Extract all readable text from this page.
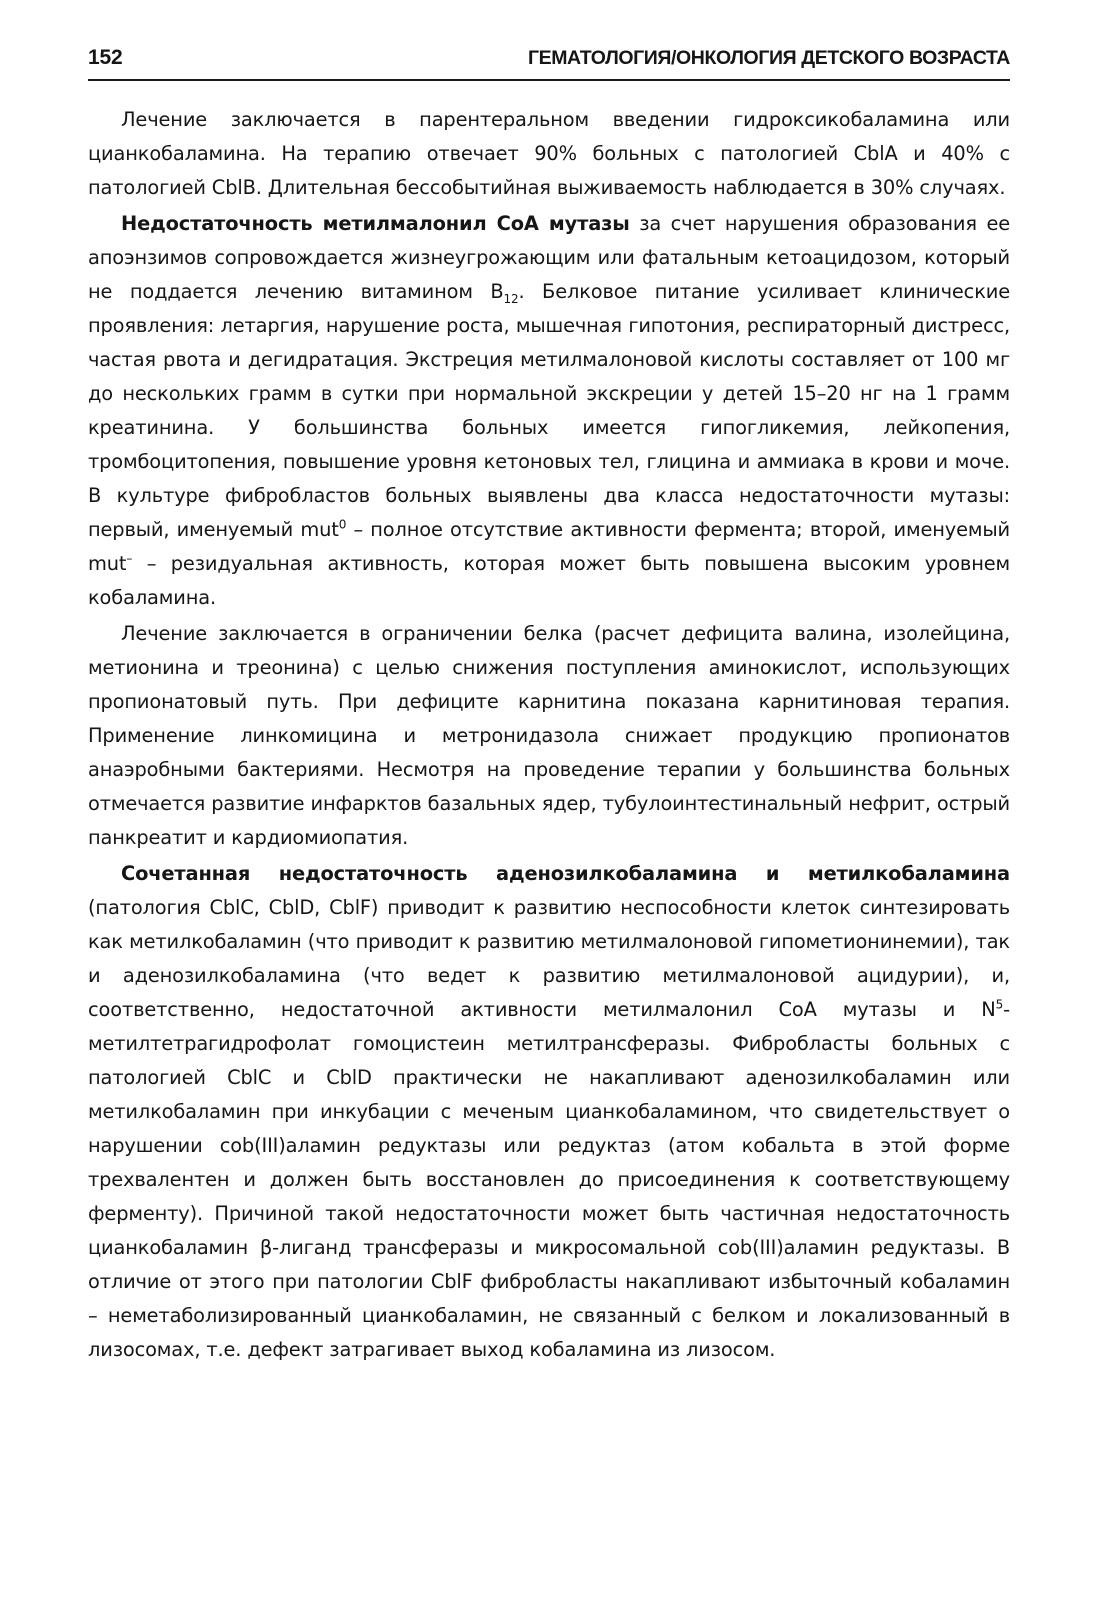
152	ГЕМАТОЛОГИЯ/ОНКОЛОГИЯ ДЕТСКОГО ВОЗРАСТА

Лечение заключается в парентеральном введении гидроксикобаламина или цианкобаламина. На терапию отвечает 90% больных с патологией CblA и 40% с патологией CblB. Длительная бессобытийная выживаемость наблюдается в 30% случаях.

Недостаточность метилмалонил CoA мутазы за счет нарушения образования ее апоэнзимов сопровождается жизнеугрожающим или фатальным кетоацидозом, который не поддается лечению витамином $B_{12}$. Белковое питание усиливает клинические проявления: летаргия, нарушение роста, мышечная гипотония, респираторный дистресс, частая рвота и дегидратация. Экстреция метилмалоновой кислоты составляет от 100 мг до нескольких грамм в сутки при нормальной экскреции у детей 15–20 нг на 1 грамм креатинина. У большинства больных имеется гипогликемия, лейкопения, тромбоцитопения, повышение уровня кетоновых тел, глицина и аммиака в крови и моче. В культуре фибробластов больных выявлены два класса недостаточности мутазы: первый, именуемый mut$^0$ – полное отсутствие активности фермента; второй, именуемый mut– – резидуальная активность, которая может быть повышена высоким уровнем кобаламина.

Лечение заключается в ограничении белка (расчет дефицита валина, изолейцина, метионина и треонина) с целью снижения поступления аминокислот, использующих пропионатовый путь. При дефиците карнитина показана карнитиновая терапия. Применение линкомицина и метронидазола снижает продукцию пропионатов анаэробными бактериями. Несмотря на проведение терапии у большинства больных отмечается развитие инфарктов базальных ядер, тубулоинтестинальный нефрит, острый панкреатит и кардиомиопатия.

Сочетанная недостаточность аденозилкобаламина и метилкобаламина (патология CblC, CblD, CblF) приводит к развитию неспособности клеток синтезировать как метилкобаламин (что приводит к развитию метилмалоновой гипометионинемии), так и аденозилкобаламина (что ведет к развитию метилмалоновой ацидурии), и, соответственно, недостаточной активности метилмалонил CoA мутазы и $N^5$-метилтетрагидрофолат гомоцистеин метилтрансферазы. Фибробласты больных с патологией CblC и CblD практически не накапливают аденозилкобаламин или метилкобаламин при инкубации с меченым цианкобаламином, что свидетельствует о нарушении cob(III)аламин редуктазы или редуктаз (атом кобальта в этой форме трехвалентен и должен быть восстановлен до присоединения к соответствующему ферменту). Причиной такой недостаточности может быть частичная недостаточность цианкобаламин β-лиганд трансферазы и микросомальной cob(III)аламин редуктазы. В отличие от этого при патологии CblF фибробласты накапливают избыточный кобаламин – неметаболизированный цианкобаламин, не связанный с белком и локализованный в лизосомах, т.е. дефект затрагивает выход кобаламина из лизосом.
